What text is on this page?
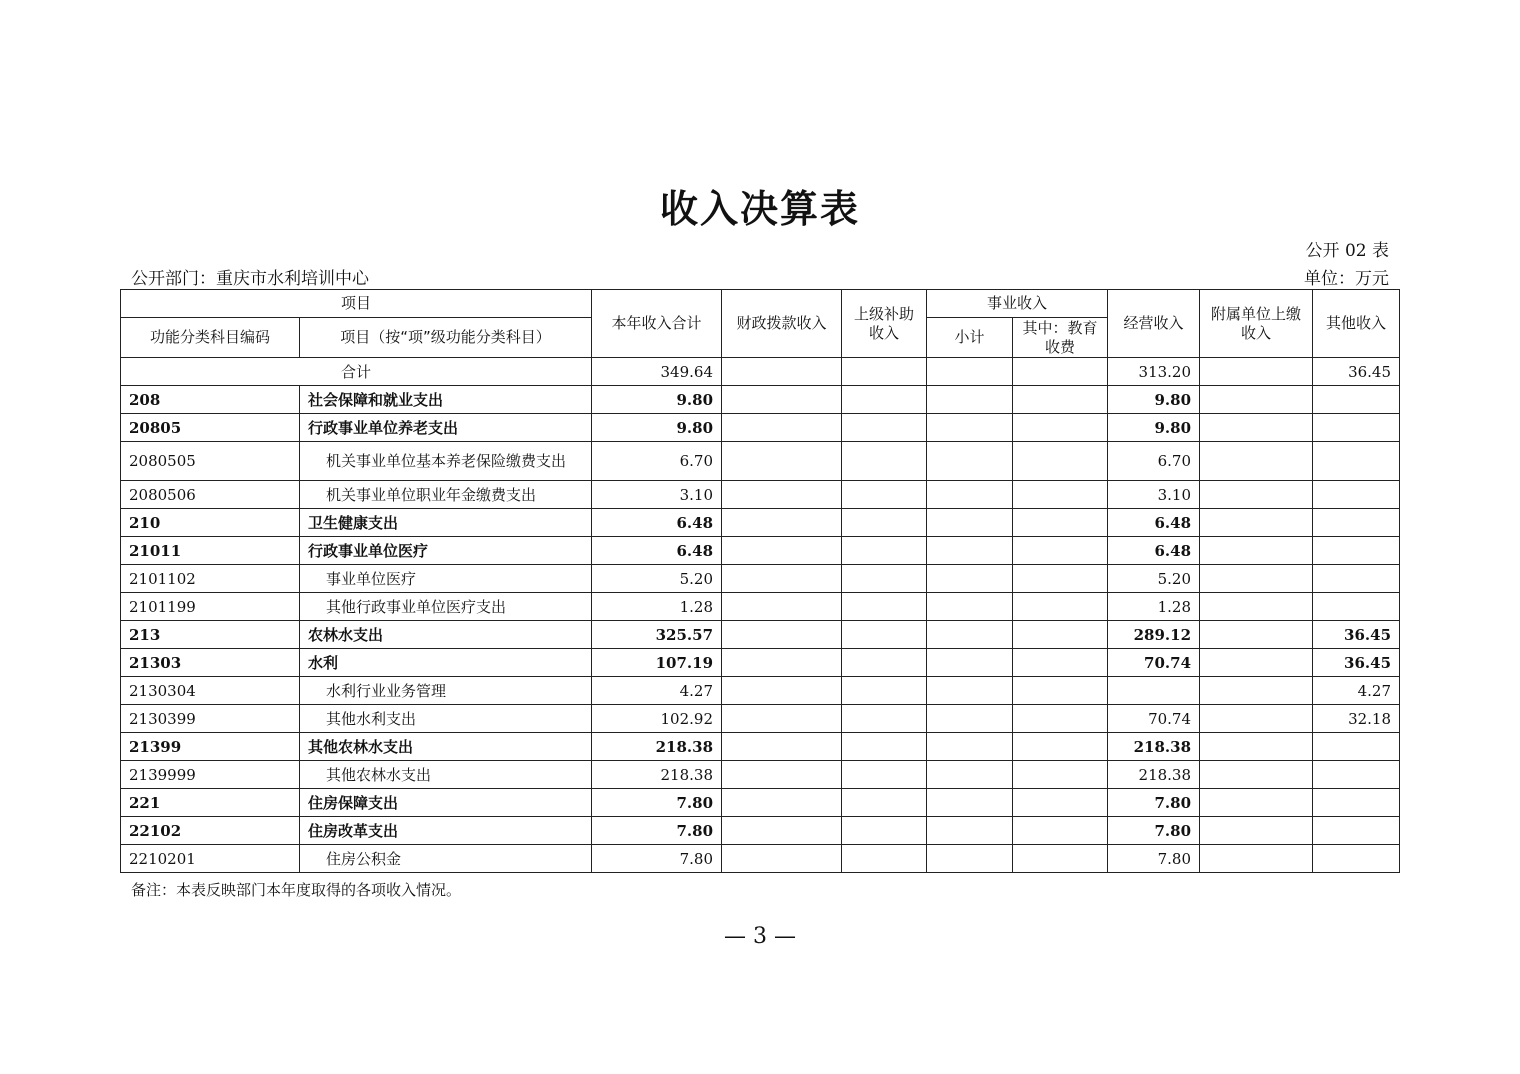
收入决算表
公开 02 表
公开部门：重庆市水利培训中心	单位：万元
项目		本年收入合计	财政拨款收入	上级补助收入	事业收入		经营收入	附属单位上缴收入	其他收入
功能分类科目编码	项目（按“项”级功能分类科目）				小计	其中：教育收费			
合计		349.64					313.20		36.45
208	社会保障和就业支出	9.80					9.80		
20805	行政事业单位养老支出	9.80					9.80		
2080505	机关事业单位基本养老保险缴费支出	6.70					6.70		
2080506	机关事业单位职业年金缴费支出	3.10					3.10		
210	卫生健康支出	6.48					6.48		
21011	行政事业单位医疗	6.48					6.48		
2101102	事业单位医疗	5.20					5.20		
2101199	其他行政事业单位医疗支出	1.28					1.28		
213	农林水支出	325.57					289.12		36.45
21303	水利	107.19					70.74		36.45
2130304	水利行业业务管理	4.27							4.27
2130399	其他水利支出	102.92					70.74		32.18
21399	其他农林水支出	218.38					218.38		
2139999	其他农林水支出	218.38					218.38		
221	住房保障支出	7.80					7.80		
22102	住房改革支出	7.80					7.80		
2210201	住房公积金	7.80					7.80		
备注：本表反映部门本年度取得的各项收入情况。
— 3 —
